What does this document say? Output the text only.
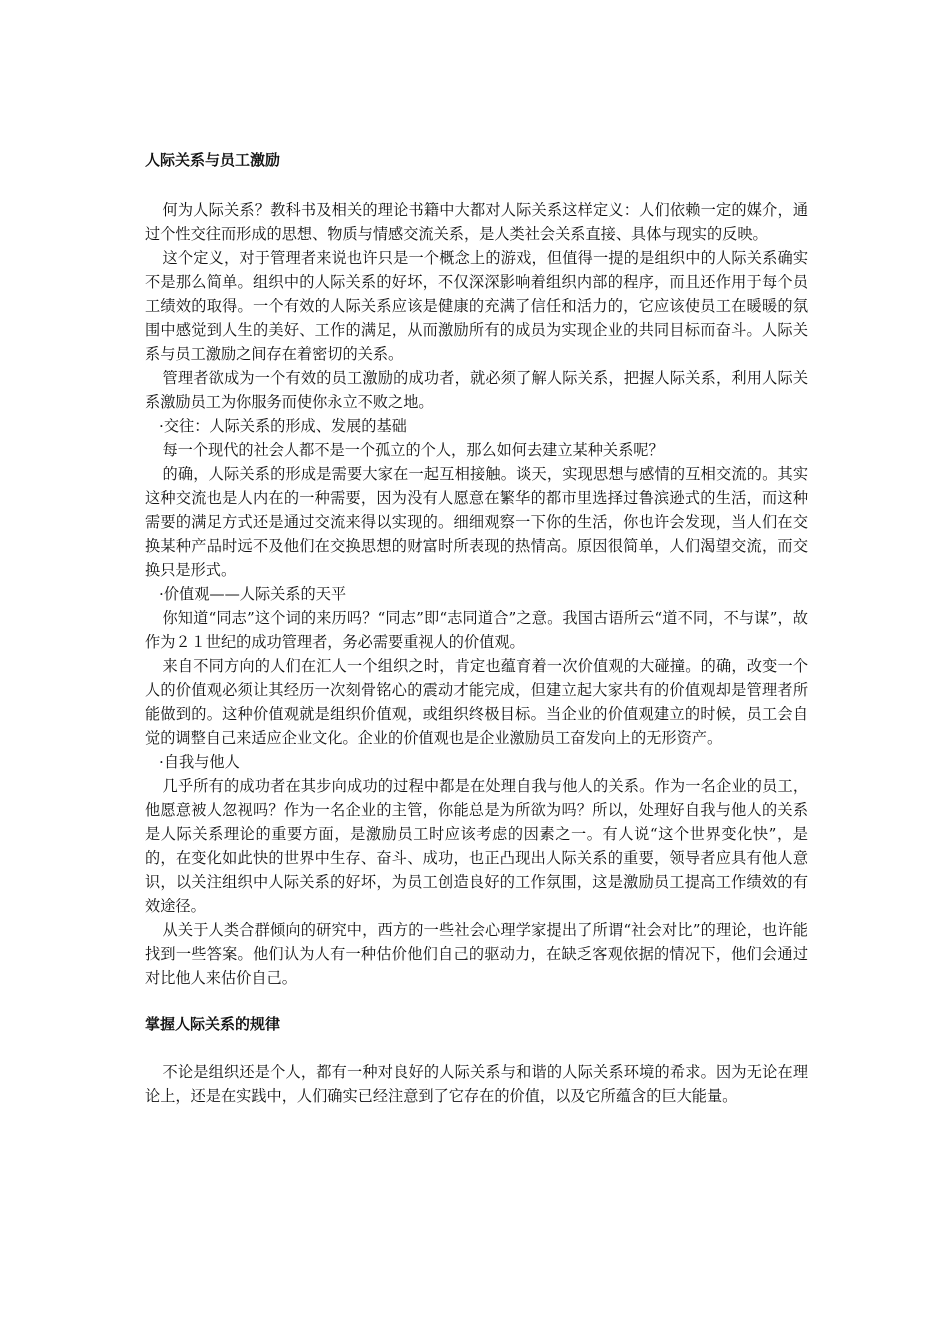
人际关系与员工激励

何为人际关系？教科书及相关的理论书籍中大都对人际关系这样定义：人们依赖一定的媒介，通过个性交往而形成的思想、物质与情感交流关系，是人类社会关系直接、具体与现实的反映。

这个定义，对于管理者来说也许只是一个概念上的游戏，但值得一提的是组织中的人际关系确实不是那么简单。组织中的人际关系的好坏，不仅深深影响着组织内部的程序，而且还作用于每个员工绩效的取得。一个有效的人际关系应该是健康的充满了信任和活力的，它应该使员工在暖暖的氛围中感觉到人生的美好、工作的满足，从而激励所有的成员为实现企业的共同目标而奋斗。人际关系与员工激励之间存在着密切的关系。

管理者欲成为一个有效的员工激励的成功者，就必须了解人际关系，把握人际关系，利用人际关系激励员工为你服务而使你永立不败之地。

·交往：人际关系的形成、发展的基础

每一个现代的社会人都不是一个孤立的个人，那么如何去建立某种关系呢？

的确，人际关系的形成是需要大家在一起互相接触。谈天，实现思想与感情的互相交流的。其实这种交流也是人内在的一种需要，因为没有人愿意在繁华的都市里选择过鲁滨逊式的生活，而这种需要的满足方式还是通过交流来得以实现的。细细观察一下你的生活，你也许会发现，当人们在交换某种产品时远不及他们在交换思想的财富时所表现的热情高。原因很简单，人们渴望交流，而交换只是形式。

·价值观——人际关系的天平

你知道“同志”这个词的来历吗？“同志”即“志同道合”之意。我国古语所云“道不同，不与谋”，故作为２１世纪的成功管理者，务必需要重视人的价值观。

来自不同方向的人们在汇人一个组织之时，肯定也蕴育着一次价值观的大碰撞。的确，改变一个人的价值观必须让其经历一次刻骨铭心的震动才能完成，但建立起大家共有的价值观却是管理者所能做到的。这种价值观就是组织价值观，或组织终极目标。当企业的价值观建立的时候，员工会自觉的调整自己来适应企业文化。企业的价值观也是企业激励员工奋发向上的无形资产。

·自我与他人

几乎所有的成功者在其步向成功的过程中都是在处理自我与他人的关系。作为一名企业的员工，他愿意被人忽视吗？作为一名企业的主管，你能总是为所欲为吗？所以，处理好自我与他人的关系是人际关系理论的重要方面，是激励员工时应该考虑的因素之一。有人说“这个世界变化快”，是的，在变化如此快的世界中生存、奋斗、成功，也正凸现出人际关系的重要，领导者应具有他人意识，以关注组织中人际关系的好坏，为员工创造良好的工作氛围，这是激励员工提高工作绩效的有效途径。

从关于人类合群倾向的研究中，西方的一些社会心理学家提出了所谓“社会对比”的理论，也许能找到一些答案。他们认为人有一种估价他们自己的驱动力，在缺乏客观依据的情况下，他们会通过对比他人来估价自己。

掌握人际关系的规律

不论是组织还是个人，都有一种对良好的人际关系与和谐的人际关系环境的希求。因为无论在理论上，还是在实践中，人们确实已经注意到了它存在的价值，以及它所蕴含的巨大能量。
